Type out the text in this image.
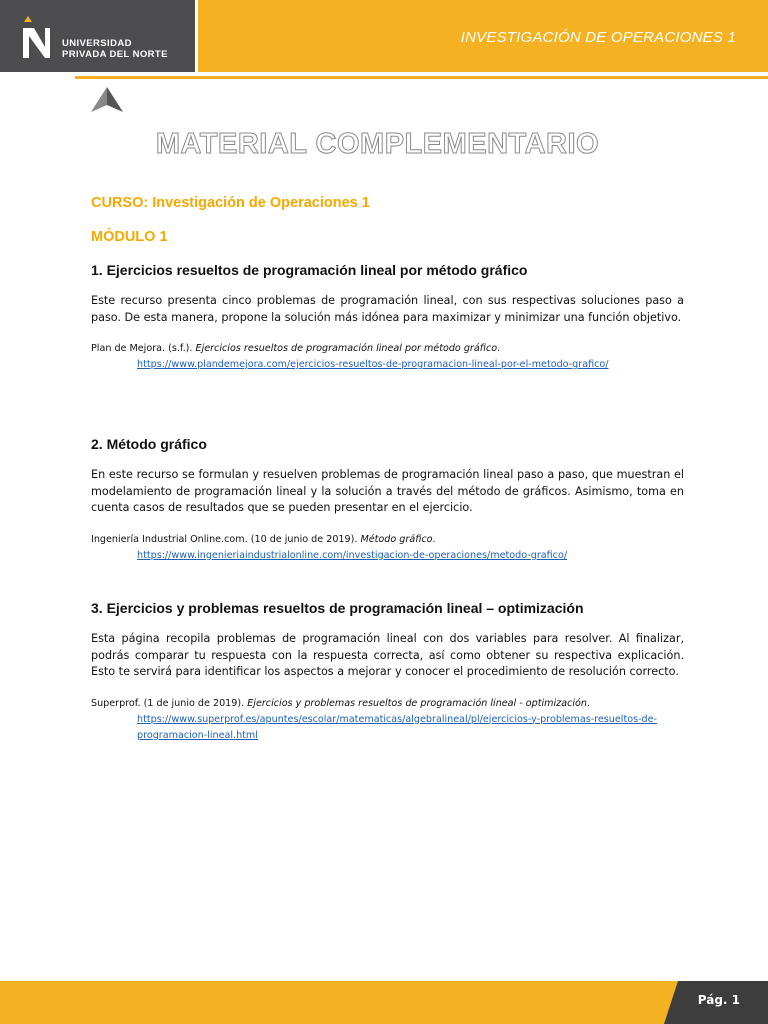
UNIVERSIDAD
PRIVADA DEL NORTE
INVESTIGACIÓN DE OPERACIONES 1
MATERIAL COMPLEMENTARIO

CURSO: Investigación de Operaciones 1

MÓDULO 1

1. Ejercicios resueltos de programación lineal por método gráfico

Este recurso presenta cinco problemas de programación lineal, con sus respectivas soluciones paso a paso. De esta manera, propone la solución más idónea para maximizar y minimizar una función objetivo.

Plan de Mejora. (s.f.). Ejercicios resueltos de programación lineal por método gráfico.
https://www.plandemejora.com/ejercicios-resueltos-de-programacion-lineal-por-el-metodo-grafico/
2. Método gráfico

En este recurso se formulan y resuelven problemas de programación lineal paso a paso, que muestran el modelamiento de programación lineal y la solución a través del método de gráficos. Asimismo, toma en cuenta casos de resultados que se pueden presentar en el ejercicio.

Ingeniería Industrial Online.com. (10 de junio de 2019). Método gráfico.
https://www.ingenieriaindustrialonline.com/investigacion-de-operaciones/metodo-grafico/
3. Ejercicios y problemas resueltos de programación lineal – optimización

Esta página recopila problemas de programación lineal con dos variables para resolver. Al finalizar, podrás comparar tu respuesta con la respuesta correcta, así como obtener su respectiva explicación. Esto te servirá para identificar los aspectos a mejorar y conocer el procedimiento de resolución correcto.

Superprof. (1 de junio de 2019). Ejercicios y problemas resueltos de programación lineal - optimización.
https://www.superprof.es/apuntes/escolar/matematicas/algebralineal/pl/ejercicios-y-problemas-resueltos-de-programacion-lineal.html
Pág. 1
